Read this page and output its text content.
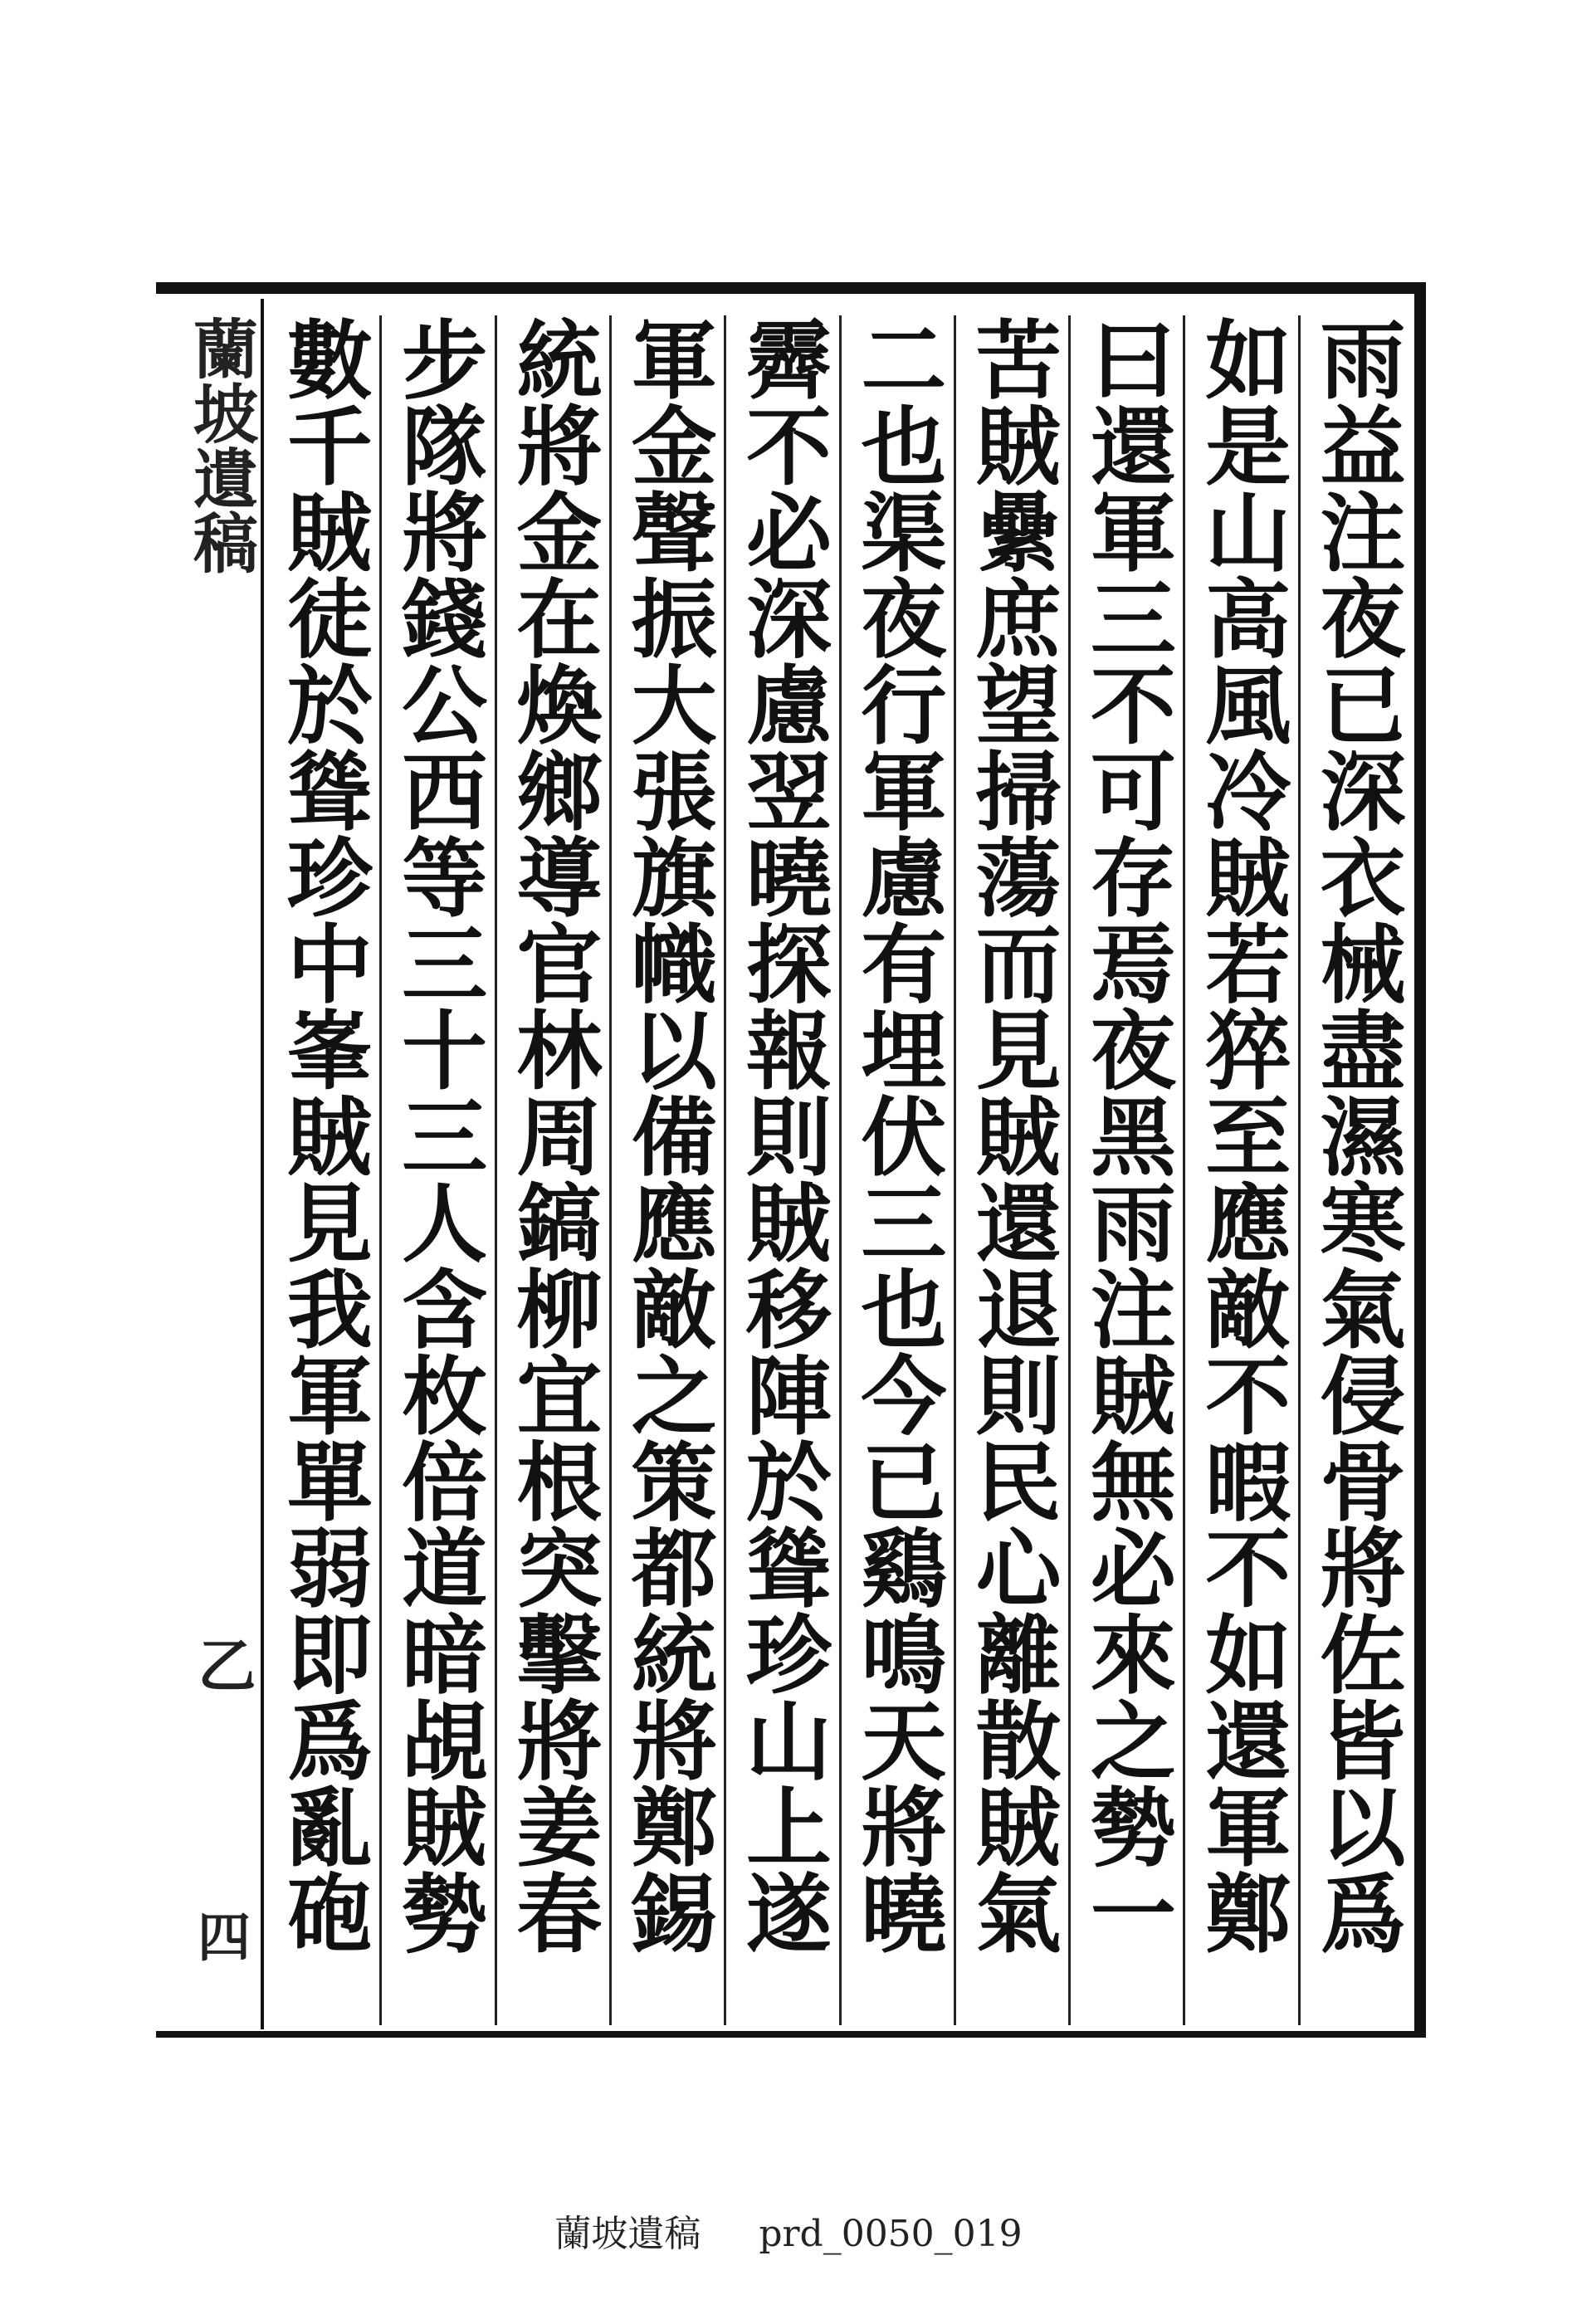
蘭坡遺稿
乙
四
雨益注夜已深衣械盡濕寒氣侵骨將佐皆以爲
如是山高風冷賊若猝至應敵不暇不如還軍鄭
曰還軍三不可存焉夜黑雨注賊無必來之勢一
苦賊纍庶望掃蕩而見賊還退則民心離散賊氣
二也渠夜行軍慮有埋伏三也今已鷄鳴天將曉
霽不必深慮翌曉探報則賊移陣於聳珍山上遂
軍金聲振大張旗幟以備應敵之策都統將鄭錫
統將金在煥鄉導官林周鎬柳宜根突擊將姜春
步隊將錢公西等三十三人含枚倍道暗覘賊勢
數千賊徒於聳珍中峯賊見我軍單弱即爲亂砲
蘭坡遺稿 prd_0050_019
